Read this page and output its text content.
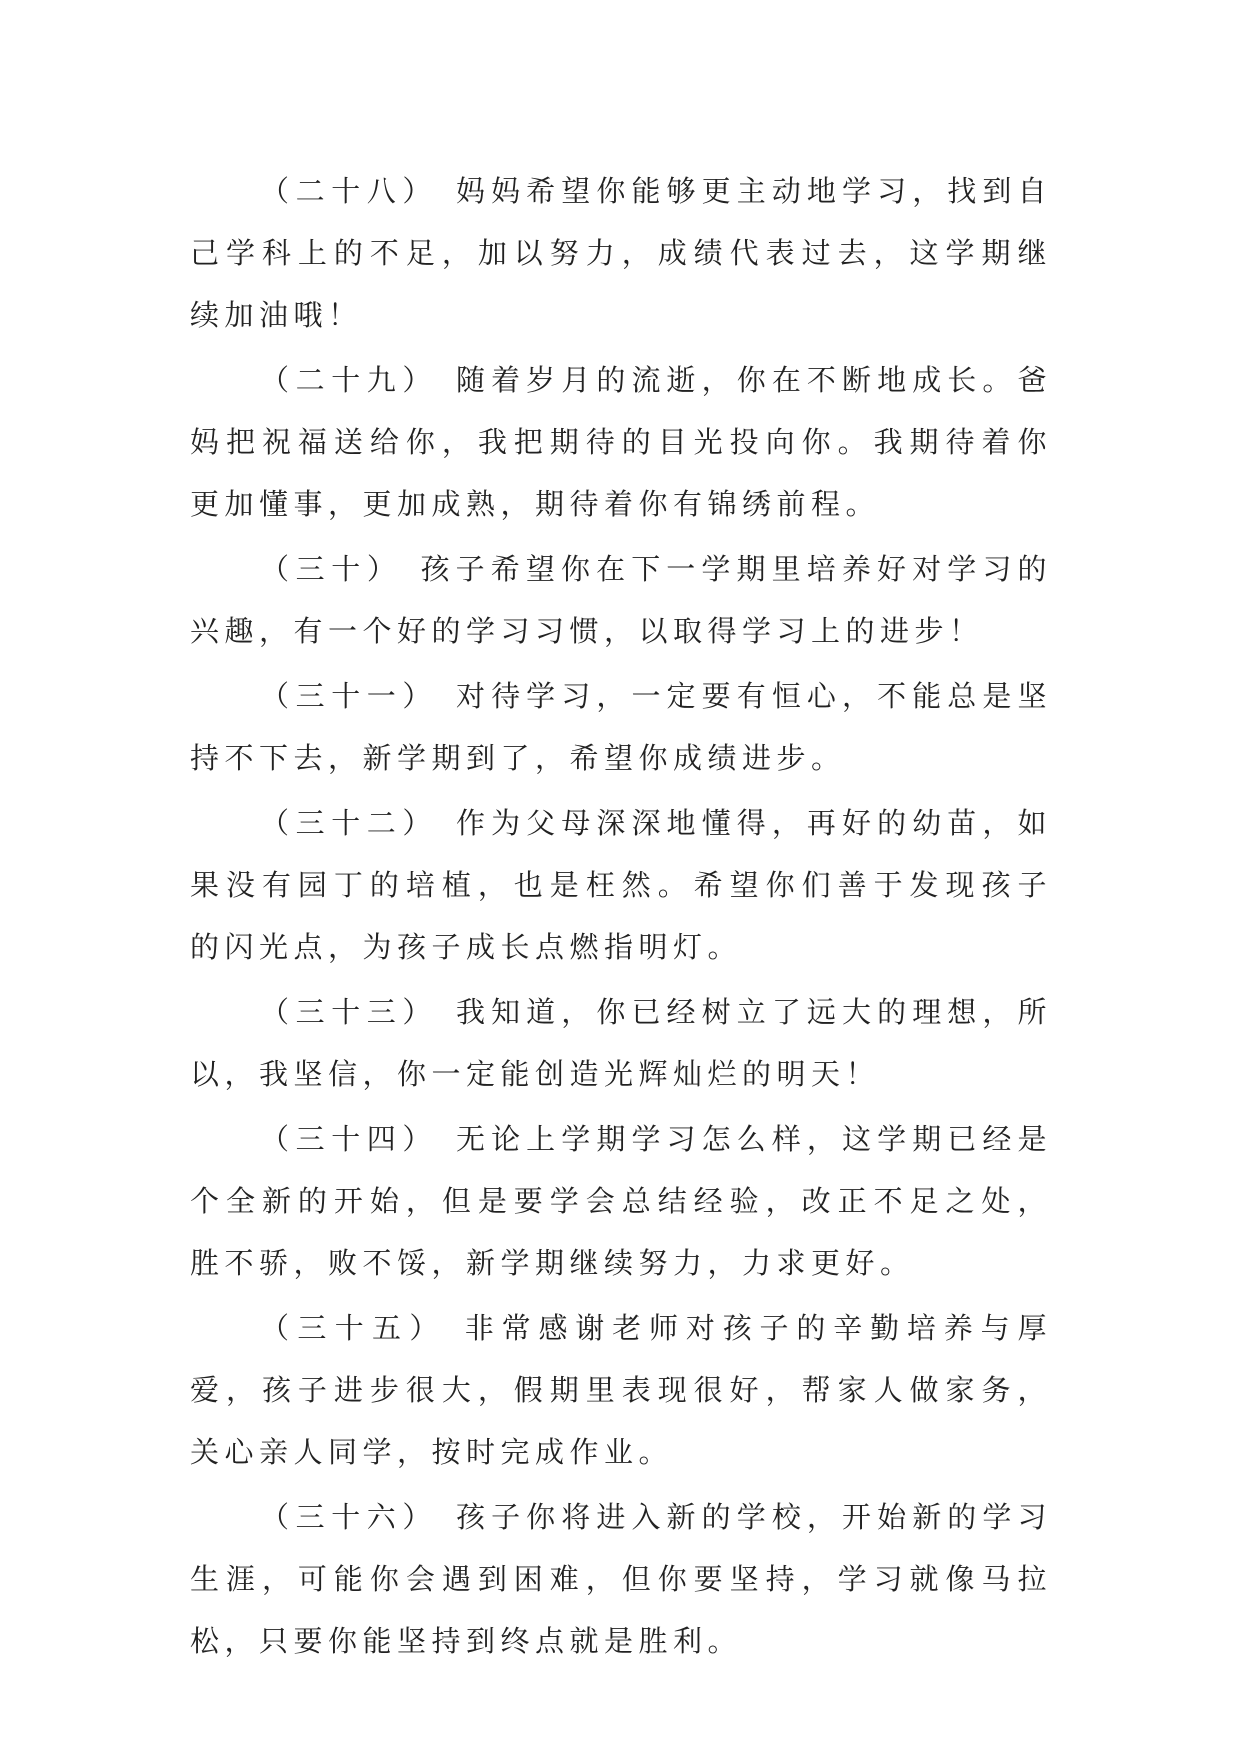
（二十八） 妈妈希望你能够更主动地学习，找到自己学科上的不足，加以努力，成绩代表过去，这学期继续加油哦！

（二十九） 随着岁月的流逝，你在不断地成长。爸妈把祝福送给你，我把期待的目光投向你。我期待着你更加懂事，更加成熟，期待着你有锦绣前程。

（三十） 孩子希望你在下一学期里培养好对学习的兴趣，有一个好的学习习惯，以取得学习上的进步！

（三十一） 对待学习，一定要有恒心，不能总是坚持不下去，新学期到了，希望你成绩进步。

（三十二） 作为父母深深地懂得，再好的幼苗，如果没有园丁的培植，也是枉然。希望你们善于发现孩子的闪光点，为孩子成长点燃指明灯。

（三十三） 我知道，你已经树立了远大的理想，所以，我坚信，你一定能创造光辉灿烂的明天！

（三十四） 无论上学期学习怎么样，这学期已经是个全新的开始，但是要学会总结经验，改正不足之处，胜不骄，败不馁，新学期继续努力，力求更好。

（三十五） 非常感谢老师对孩子的辛勤培养与厚爱，孩子进步很大，假期里表现很好，帮家人做家务，关心亲人同学，按时完成作业。

（三十六） 孩子你将进入新的学校，开始新的学习生涯，可能你会遇到困难，但你要坚持，学习就像马拉松，只要你能坚持到终点就是胜利。
